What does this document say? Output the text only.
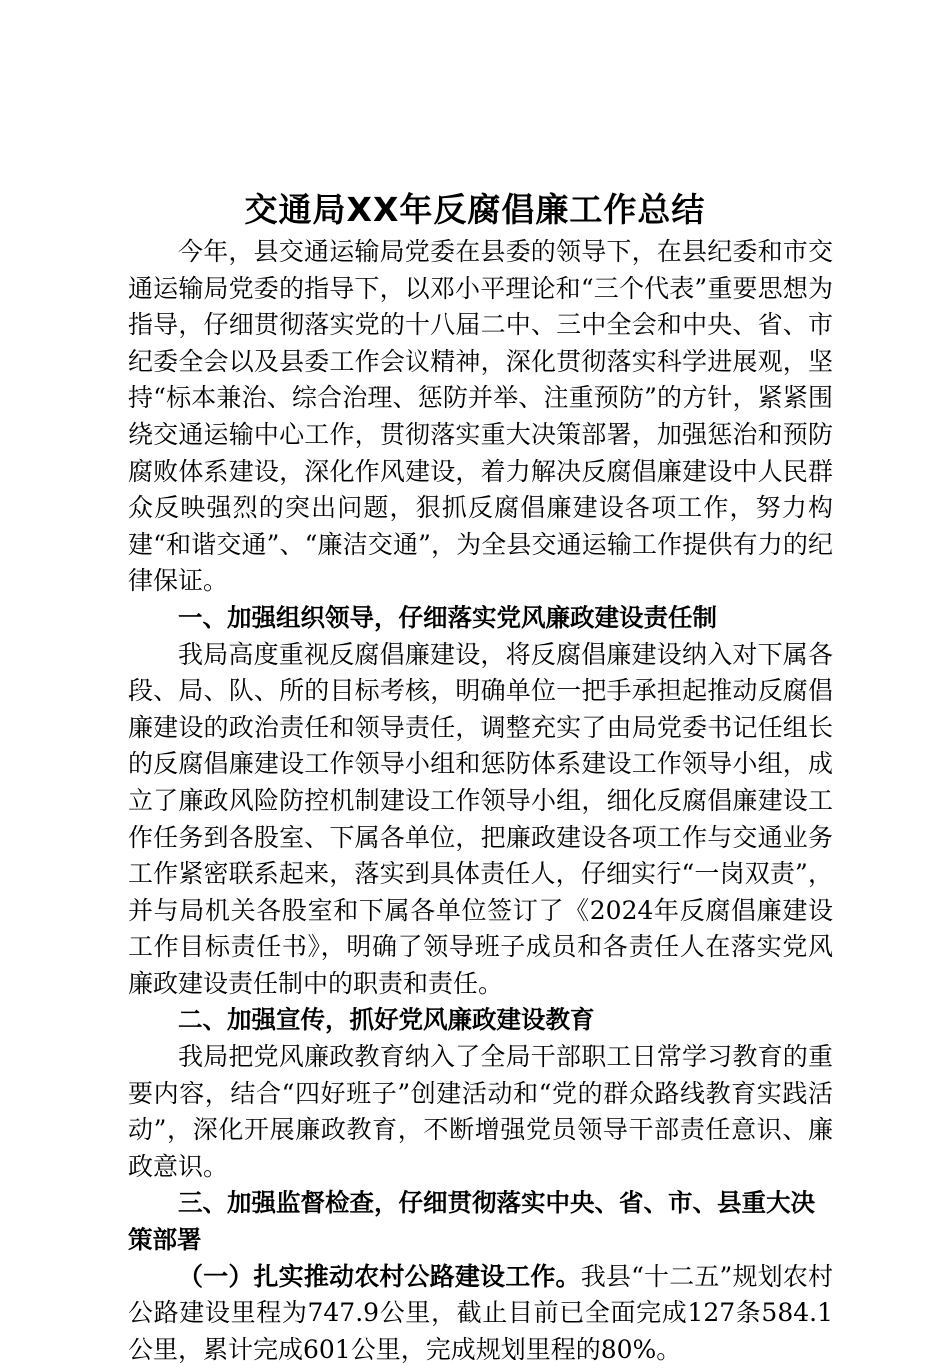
交通局XX年反腐倡廉工作总结

今年，县交通运输局党委在县委的领导下，在县纪委和市交通运输局党委的指导下，以邓小平理论和“三个代表”重要思想为指导，仔细贯彻落实党的十八届二中、三中全会和中央、省、市纪委全会以及县委工作会议精神，深化贯彻落实科学进展观，坚持“标本兼治、综合治理、惩防并举、注重预防”的方针，紧紧围绕交通运输中心工作，贯彻落实重大决策部署，加强惩治和预防腐败体系建设，深化作风建设，着力解决反腐倡廉建设中人民群众反映强烈的突出问题，狠抓反腐倡廉建设各项工作，努力构建“和谐交通”、“廉洁交通”，为全县交通运输工作提供有力的纪律保证。

一、加强组织领导，仔细落实党风廉政建设责任制

我局高度重视反腐倡廉建设，将反腐倡廉建设纳入对下属各段、局、队、所的目标考核，明确单位一把手承担起推动反腐倡廉建设的政治责任和领导责任，调整充实了由局党委书记任组长的反腐倡廉建设工作领导小组和惩防体系建设工作领导小组，成立了廉政风险防控机制建设工作领导小组，细化反腐倡廉建设工作任务到各股室、下属各单位，把廉政建设各项工作与交通业务工作紧密联系起来，落实到具体责任人，仔细实行“一岗双责”，并与局机关各股室和下属各单位签订了《2024年反腐倡廉建设工作目标责任书》，明确了领导班子成员和各责任人在落实党风廉政建设责任制中的职责和责任。

二、加强宣传，抓好党风廉政建设教育

我局把党风廉政教育纳入了全局干部职工日常学习教育的重要内容，结合“四好班子”创建活动和“党的群众路线教育实践活动”，深化开展廉政教育，不断增强党员领导干部责任意识、廉政意识。

三、加强监督检查，仔细贯彻落实中央、省、市、县重大决策部署

（一）扎实推动农村公路建设工作。我县“十二五”规划农村公路建设里程为747.9公里，截止目前已全面完成127条584.1公里，累计完成601公里，完成规划里程的80%。
